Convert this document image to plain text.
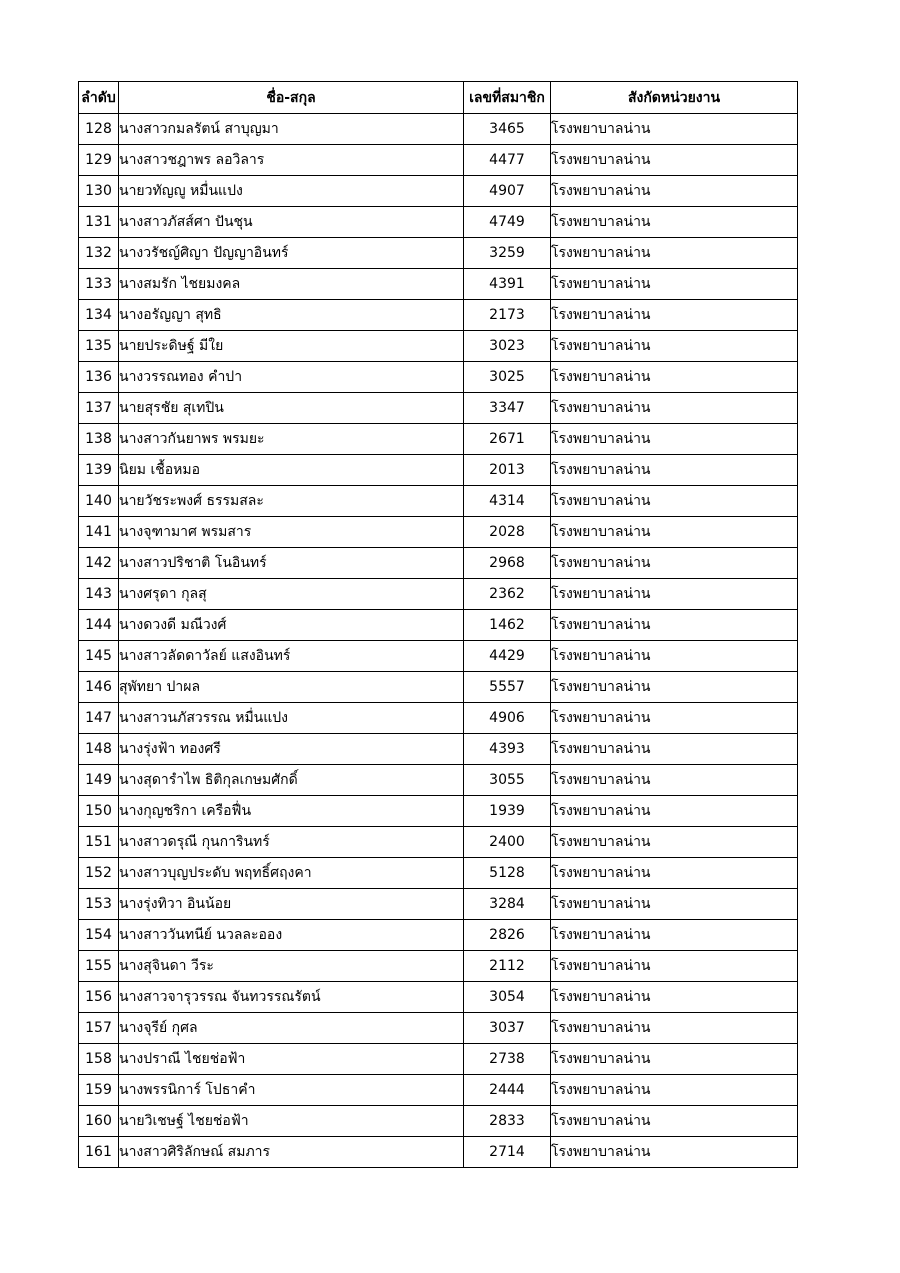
ลำดับ	ชื่อ-สกุล	เลขที่สมาชิก	สังกัดหน่วยงาน
128	นางสาวกมลรัตน์ สาบุญมา	3465	โรงพยาบาลน่าน
129	นางสาวชฎาพร ลอวิลาร	4477	โรงพยาบาลน่าน
130	นายวทัญญู หมื่นแปง	4907	โรงพยาบาลน่าน
131	นางสาวภัสส์ศา ปันชุน	4749	โรงพยาบาลน่าน
132	นางวรัชญ์ศิญา ปัญญาอินทร์	3259	โรงพยาบาลน่าน
133	นางสมรัก ไชยมงคล	4391	โรงพยาบาลน่าน
134	นางอรัญญา สุทธิ	2173	โรงพยาบาลน่าน
135	นายประดิษฐ์ มีใย	3023	โรงพยาบาลน่าน
136	นางวรรณทอง คำปา	3025	โรงพยาบาลน่าน
137	นายสุรชัย สุเทปิน	3347	โรงพยาบาลน่าน
138	นางสาวกันยาพร พรมยะ	2671	โรงพยาบาลน่าน
139	นิยม เชื้อหมอ	2013	โรงพยาบาลน่าน
140	นายวัชระพงศ์ ธรรมสละ	4314	โรงพยาบาลน่าน
141	นางจุฑามาศ พรมสาร	2028	โรงพยาบาลน่าน
142	นางสาวปริชาติ โนอินทร์	2968	โรงพยาบาลน่าน
143	นางศรุดา กุลสุ	2362	โรงพยาบาลน่าน
144	นางดวงดี มณีวงศ์	1462	โรงพยาบาลน่าน
145	นางสาวลัดดาวัลย์ แสงอินทร์	4429	โรงพยาบาลน่าน
146	สุพัทยา ปาผล	5557	โรงพยาบาลน่าน
147	นางสาวนภัสวรรณ หมื่นแปง	4906	โรงพยาบาลน่าน
148	นางรุ่งฟ้า ทองศรี	4393	โรงพยาบาลน่าน
149	นางสุดารำไพ ธิติกุลเกษมศักดิ์	3055	โรงพยาบาลน่าน
150	นางกุญชริกา เครือฟื่น	1939	โรงพยาบาลน่าน
151	นางสาวดรุณี กุนการินทร์	2400	โรงพยาบาลน่าน
152	นางสาวบุญประดับ พฤทธิ์ศฤงคา	5128	โรงพยาบาลน่าน
153	นางรุ่งทิวา อินน้อย	3284	โรงพยาบาลน่าน
154	นางสาววันทนีย์ นวลละออง	2826	โรงพยาบาลน่าน
155	นางสุจินดา วีระ	2112	โรงพยาบาลน่าน
156	นางสาวจารุวรรณ จันทวรรณรัตน์	3054	โรงพยาบาลน่าน
157	นางจุรีย์ กุศล	3037	โรงพยาบาลน่าน
158	นางปราณี ไชยช่อฟ้า	2738	โรงพยาบาลน่าน
159	นางพรรนิการ์ โปธาคำ	2444	โรงพยาบาลน่าน
160	นายวิเชษฐ์ ไชยช่อฟ้า	2833	โรงพยาบาลน่าน
161	นางสาวศิริลักษณ์ สมภาร	2714	โรงพยาบาลน่าน
